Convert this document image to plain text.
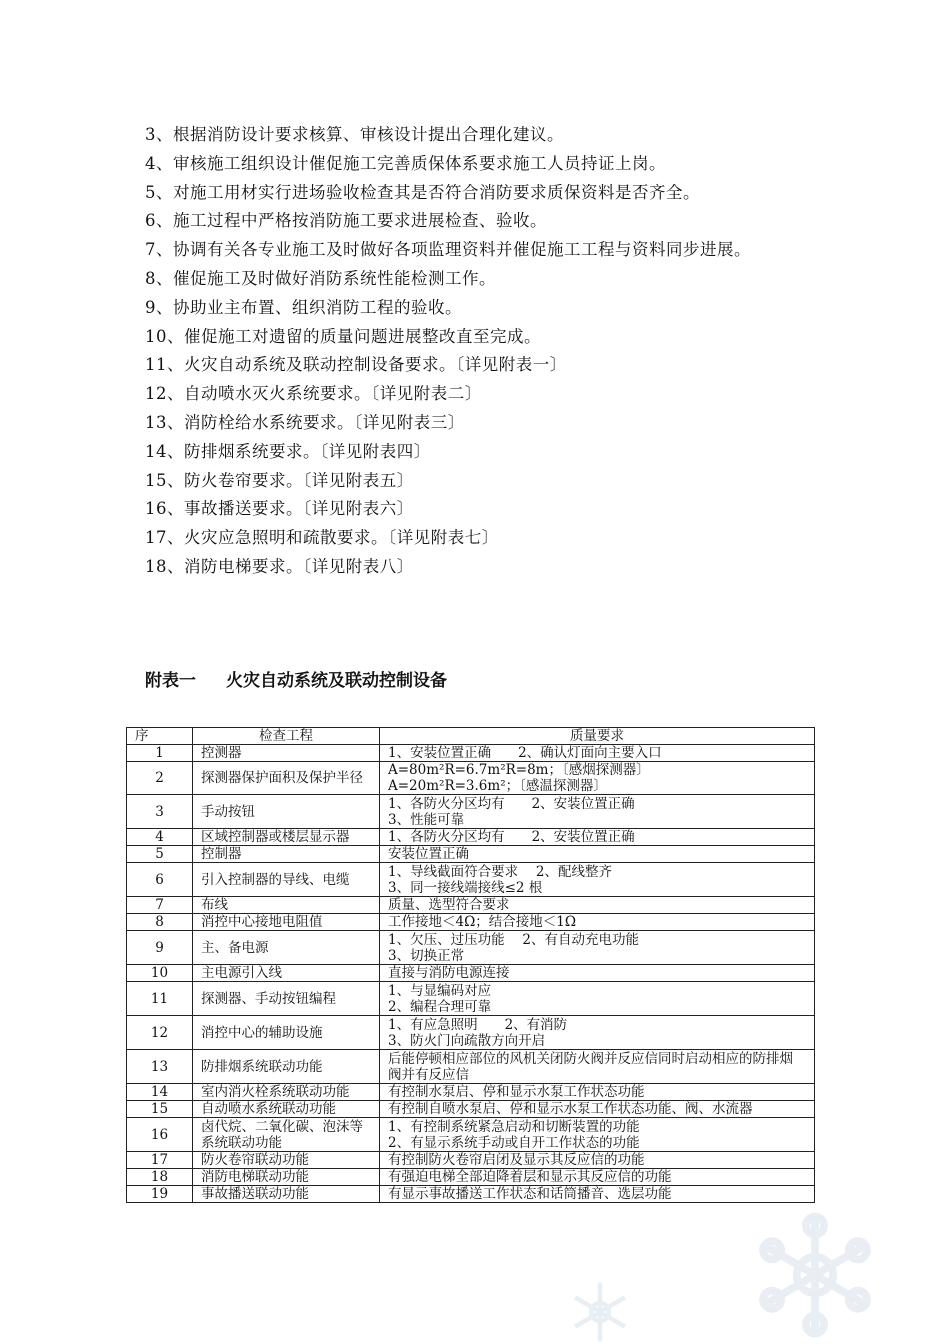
3、根据消防设计要求核算、审核设计提出合理化建议。
4、审核施工组织设计催促施工完善质保体系要求施工人员持证上岗。
5、对施工用材实行进场验收检查其是否符合消防要求质保资料是否齐全。
6、施工过程中严格按消防施工要求进展检查、验收。
7、协调有关各专业施工及时做好各项监理资料并催促施工工程与资料同步进展。
8、催促施工及时做好消防系统性能检测工作。
9、协助业主布置、组织消防工程的验收。
10、催促施工对遗留的质量问题进展整改直至完成。
11、火灾自动系统及联动控制设备要求。〔详见附表一〕
12、自动喷水灭火系统要求。〔详见附表二〕
13、消防栓给水系统要求。〔详见附表三〕
14、防排烟系统要求。〔详见附表四〕
15、防火卷帘要求。〔详见附表五〕
16、事故播送要求。〔详见附表六〕
17、火灾应急照明和疏散要求。〔详见附表七〕
18、消防电梯要求。〔详见附表八〕
附表一 火灾自动系统及联动控制设备
序	检查工程	质量要求
1	控测器	1、安装位置正确　　2、确认灯面向主要入口

2	探测器保护面积及保护半径	A=80m²R=6.7m²R=8m；〔感烟探测器〕
A=20m²R=3.6m²；〔感温探测器〕

3	手动按钮	1、各防火分区均有　　2、安装位置正确
3、性能可靠

4	区域控制器或楼层显示器	1、各防火分区均有　　2、安装位置正确

5	控制器	安装位置正确

6	引入控制器的导线、电缆	1、导线截面符合要求　 2、配线整齐
3、同一接线端接线≤2 根

7	布线	质量、选型符合要求

8	消控中心接地电阻值	工作接地＜4Ω；结合接地＜1Ω

9	主、备电源	1、欠压、过压功能　 2、有自动充电功能
3、切换正常

10	主电源引入线	直接与消防电源连接

11	探测器、手动按钮编程	1、与显编码对应
2、编程合理可靠

12	消控中心的辅助设施	1、有应急照明　　2、有消防
3、防火门向疏散方向开启

13	防排烟系统联动功能	后能停顿相应部位的风机关闭防火阀并反应信同时启动相应的防排烟阀并有反应信

14	室内消火栓系统联动功能	有控制水泵启、停和显示水泵工作状态功能

15	自动喷水系统联动功能	有控制自喷水泵启、停和显示水泵工作状态功能、阀、水流器

16	卤代烷、二氧化碳、泡沫等系统联动功能	1、有控制系统紧急启动和切断装置的功能
2、有显示系统手动或自开工作状态的功能

17	防火卷帘联动功能	有控制防火卷帘启闭及显示其反应信的功能

18	消防电梯联动功能	有强迫电梯全部迫降着层和显示其反应信的功能

19	事故播送联动功能	有显示事故播送工作状态和话筒播音、选层功能
